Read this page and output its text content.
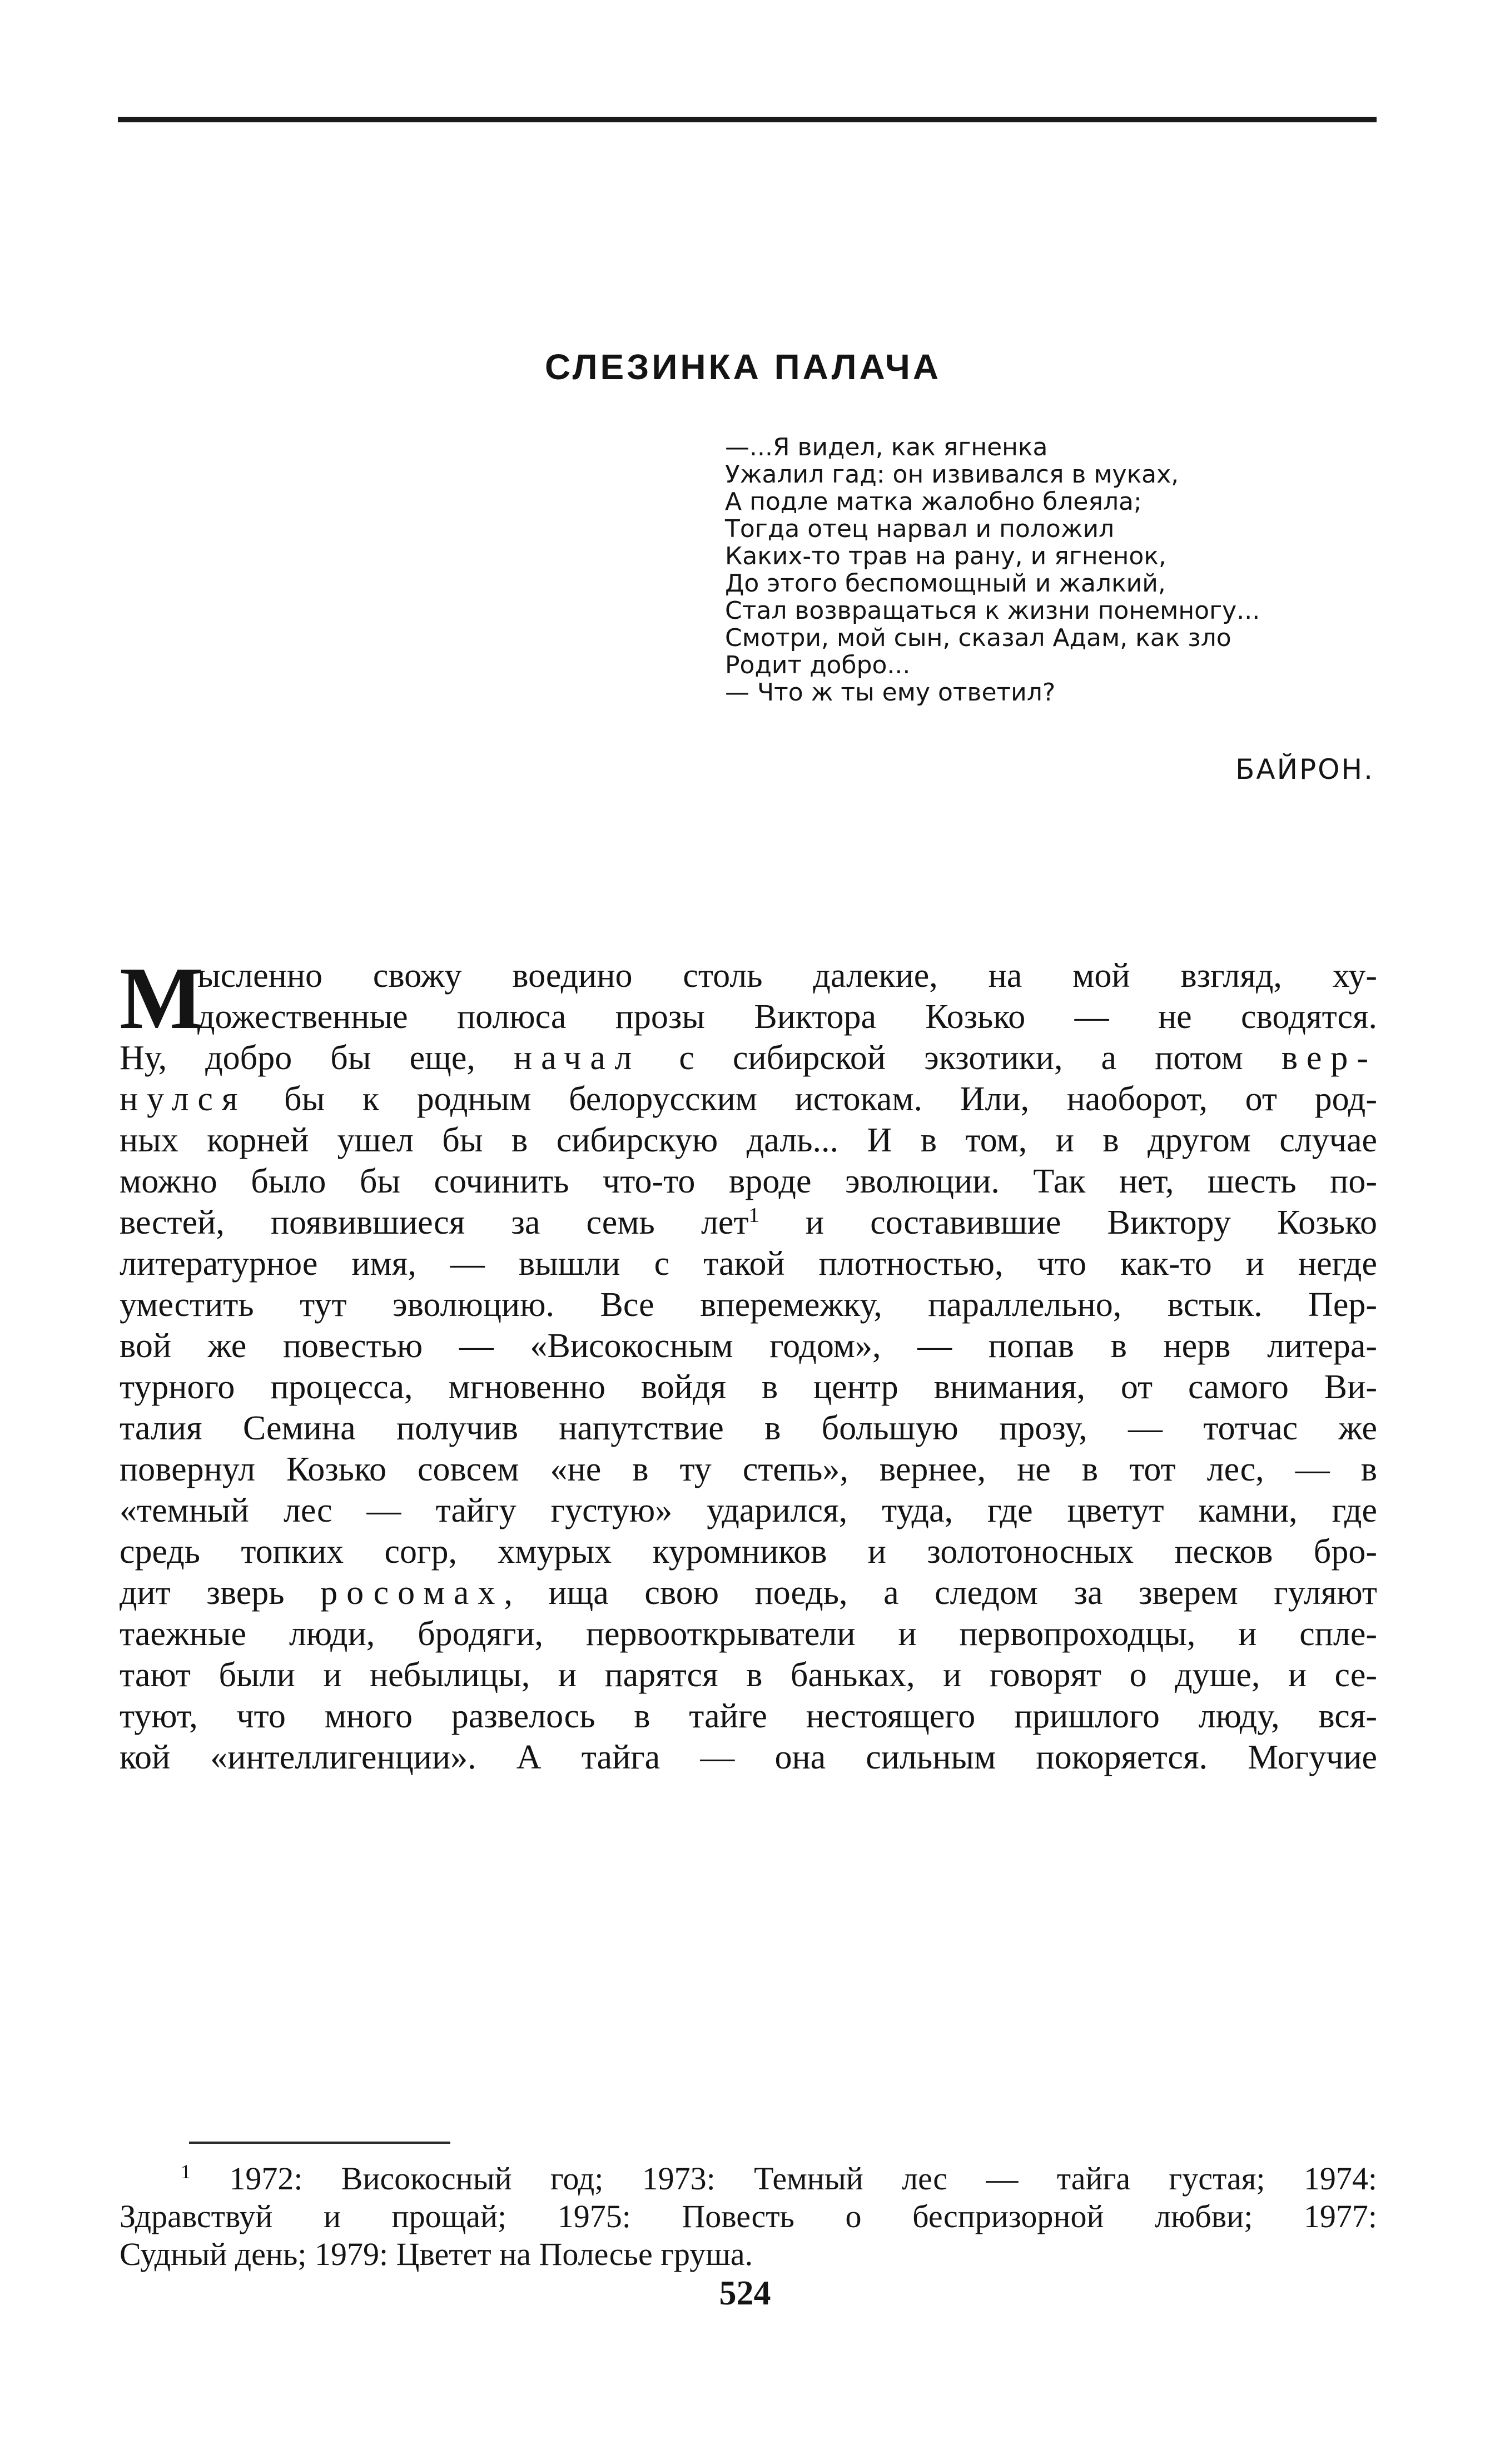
СЛЕЗИНКА ПАЛАЧА
—...Я видел, как ягненка
Ужалил гад: он извивался в муках,
А подле матка жалобно блеяла;
Тогда отец нарвал и положил
Каких-то трав на рану, и ягненок,
До этого беспомощный и жалкий,
Стал возвращаться к жизни понемногу...
Смотри, мой сын, сказал Адам, как зло
Родит добро...
— Что ж ты ему ответил?
БАЙРОН.
М
ысленно свожу воедино столь далекие, на мой взгляд, ху-
дожественные полюса прозы Виктора Козько — не сводятся.
Ну, добро бы еще, начал с сибирской экзотики, а потом вер-
нулся бы к родным белорусским истокам. Или, наоборот, от род-
ных корней ушел бы в сибирскую даль... И в том, и в другом случае
можно было бы сочинить что-то вроде эволюции. Так нет, шесть по-
вестей, появившиеся за семь лет$^1$ и составившие Виктору Козько
литературное имя, — вышли с такой плотностью, что как-то и негде
уместить тут эволюцию. Все вперемежку, параллельно, встык. Пер-
вой же повестью — «Високосным годом», — попав в нерв литера-
турного процесса, мгновенно войдя в центр внимания, от самого Ви-
талия Семина получив напутствие в большую прозу, — тотчас же
повернул Козько совсем «не в ту степь», вернее, не в тот лес, — в
«темный лес — тайгу густую» ударился, туда, где цветут камни, где
средь топких согр, хмурых куромников и золотоносных песков бро-
дит зверь росомах, ища свою поедь, а следом за зверем гуляют
таежные люди, бродяги, первооткрыватели и первопроходцы, и спле-
тают были и небылицы, и парятся в баньках, и говорят о душе, и се-
туют, что много развелось в тайге нестоящего пришлого люду, вся-
кой «интеллигенции». А тайга — она сильным покоряется. Могучие
$^1$ 1972: Високосный год; 1973: Темный лес — тайга густая; 1974:
Здравствуй и прощай; 1975: Повесть о беспризорной любви; 1977:
Судный день; 1979: Цветет на Полесье груша.
524
